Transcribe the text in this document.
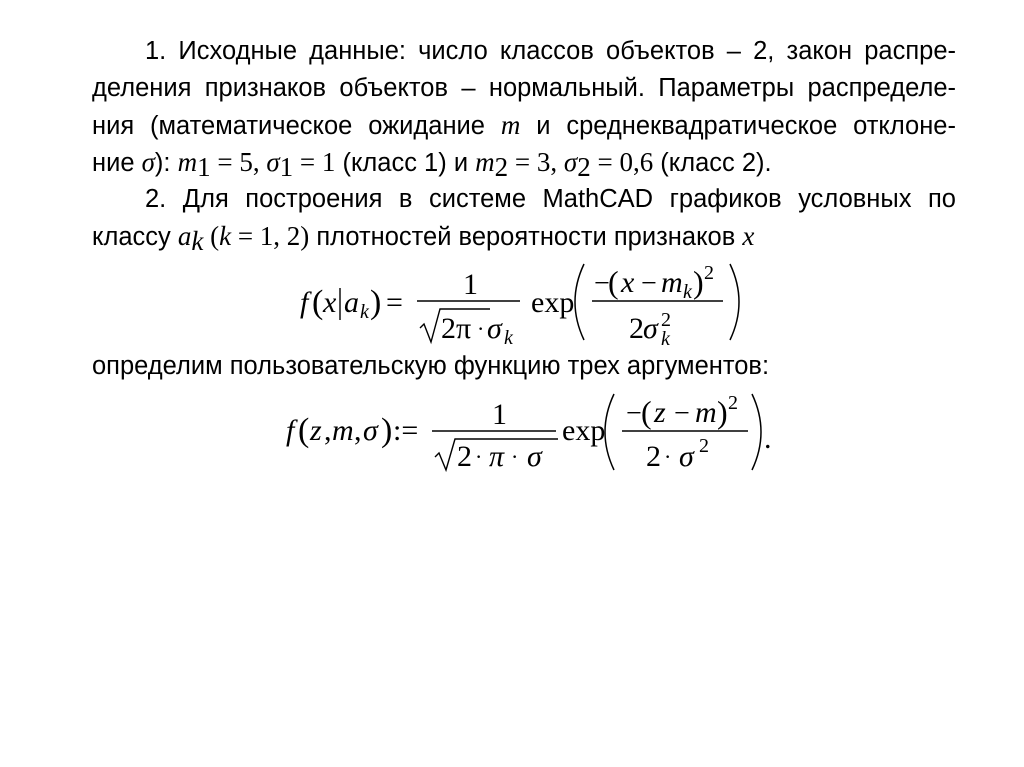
1. Исходные данные: число классов объектов – 2, закон распре-
деления признаков объектов – нормальный. Параметры распределе-
ния (математическое ожидание m и среднеквадратическое отклоне-
ние σ): $m_1 = 5$, $\sigma_1 = 1$ (класс 1) и $m_2 = 3$, $\sigma_2 = 0,6$ (класс 2).
2. Для построения в системе MathCAD графиков условных по
классу $a_k$ (k = 1, 2) плотностей вероятности признаков x
f ( x a k ) =
1
2π · σ k
exp
−
( x − m k ) 2
2 σ 2
k
определим пользовательскую функцию трех аргументов:
f ( z , m , σ ) := 1
2 · π · σ
exp
− ( z − m ) 2
2 · σ 2 .
